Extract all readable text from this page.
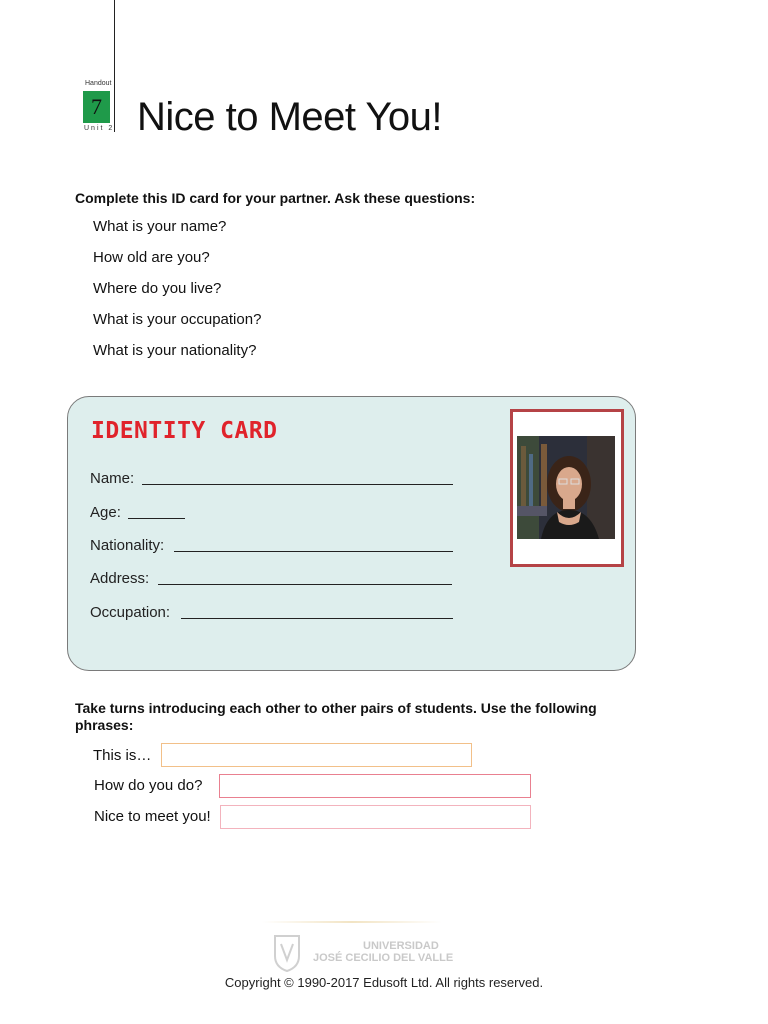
Handout
7
Unit 2 Nice to Meet You!
Complete this ID card for your partner. Ask these questions:
What is your name?
How old are you?
Where do you live?
What is your occupation?
What is your nationality?
IDENTITY CARD
Name:
Age:
Nationality:
Address:
Occupation:
Take turns introducing each other to other pairs of students. Use the following phrases:
This is…
How do you do?
Nice to meet you!
UNIVERSIDAD
JOSÉ CECILIO DEL VALLE
Copyright © 1990-2017 Edusoft Ltd. All rights reserved.
